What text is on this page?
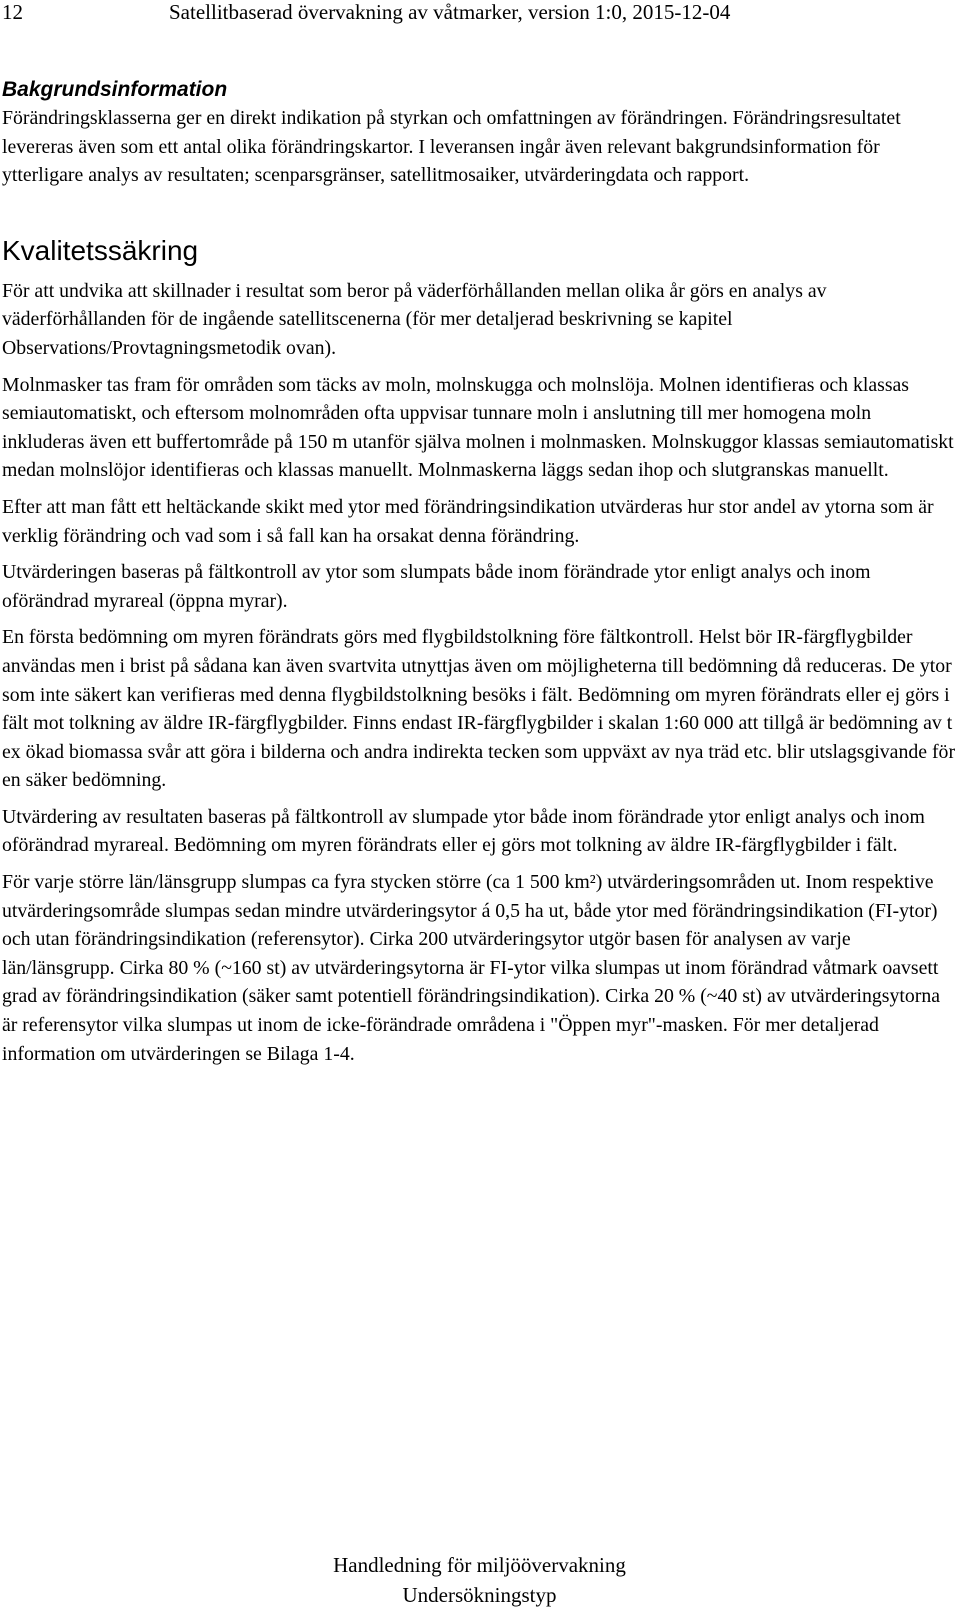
12	Satellitbaserad övervakning av våtmarker, version 1:0, 2015-12-04
Bakgrundsinformation

Förändringsklasserna ger en direkt indikation på styrkan och omfattningen av förändringen. Förändringsresultatet levereras även som ett antal olika förändringskartor. I leveransen ingår även relevant bakgrundsinformation för ytterligare analys av resultaten; scenparsgränser, satellitmosaiker, utvärderingdata och rapport.

Kvalitetssäkring

För att undvika att skillnader i resultat som beror på väderförhållanden mellan olika år görs en analys av väderförhållanden för de ingående satellitscenerna (för mer detaljerad beskrivning se kapitel Observations/Provtagningsmetodik ovan).

Molnmasker tas fram för områden som täcks av moln, molnskugga och molnslöja. Molnen identifieras och klassas semiautomatiskt, och eftersom molnområden ofta uppvisar tunnare moln i anslutning till mer homogena moln inkluderas även ett buffertområde på 150 m utanför själva molnen i molnmasken. Molnskuggor klassas semiautomatiskt medan molnslöjor identifieras och klassas manuellt. Molnmaskerna läggs sedan ihop och slutgranskas manuellt.

Efter att man fått ett heltäckande skikt med ytor med förändringsindikation utvärderas hur stor andel av ytorna som är verklig förändring och vad som i så fall kan ha orsakat denna förändring.

Utvärderingen baseras på fältkontroll av ytor som slumpats både inom förändrade ytor enligt analys och inom oförändrad myrareal (öppna myrar).

En första bedömning om myren förändrats görs med flygbildstolkning före fältkontroll. Helst bör IR-färgflygbilder användas men i brist på sådana kan även svartvita utnyttjas även om möjligheterna till bedömning då reduceras. De ytor som inte säkert kan verifieras med denna flygbildstolkning besöks i fält. Bedömning om myren förändrats eller ej görs i fält mot tolkning av äldre IR-färgflygbilder. Finns endast IR-färgflygbilder i skalan 1:60 000 att tillgå är bedömning av t ex ökad biomassa svår att göra i bilderna och andra indirekta tecken som uppväxt av nya träd etc. blir utslagsgivande för en säker bedömning.

Utvärdering av resultaten baseras på fältkontroll av slumpade ytor både inom förändrade ytor enligt analys och inom oförändrad myrareal. Bedömning om myren förändrats eller ej görs mot tolkning av äldre IR-färgflygbilder i fält.

För varje större län/länsgrupp slumpas ca fyra stycken större (ca 1 500 km²) utvärderingsområden ut. Inom respektive utvärderingsområde slumpas sedan mindre utvärderingsytor á 0,5 ha ut, både ytor med förändringsindikation (FI-ytor) och utan förändringsindikation (referensytor). Cirka 200 utvärderingsytor utgör basen för analysen av varje län/länsgrupp. Cirka 80 % (~160 st) av utvärderingsytorna är FI-ytor vilka slumpas ut inom förändrad våtmark oavsett grad av förändringsindikation (säker samt potentiell förändringsindikation). Cirka 20 % (~40 st) av utvärderingsytorna är referensytor vilka slumpas ut inom de icke-förändrade områdena i "Öppen myr"-masken. För mer detaljerad information om utvärderingen se Bilaga 1-4.

Handledning för miljöövervakning
Undersökningstyp
